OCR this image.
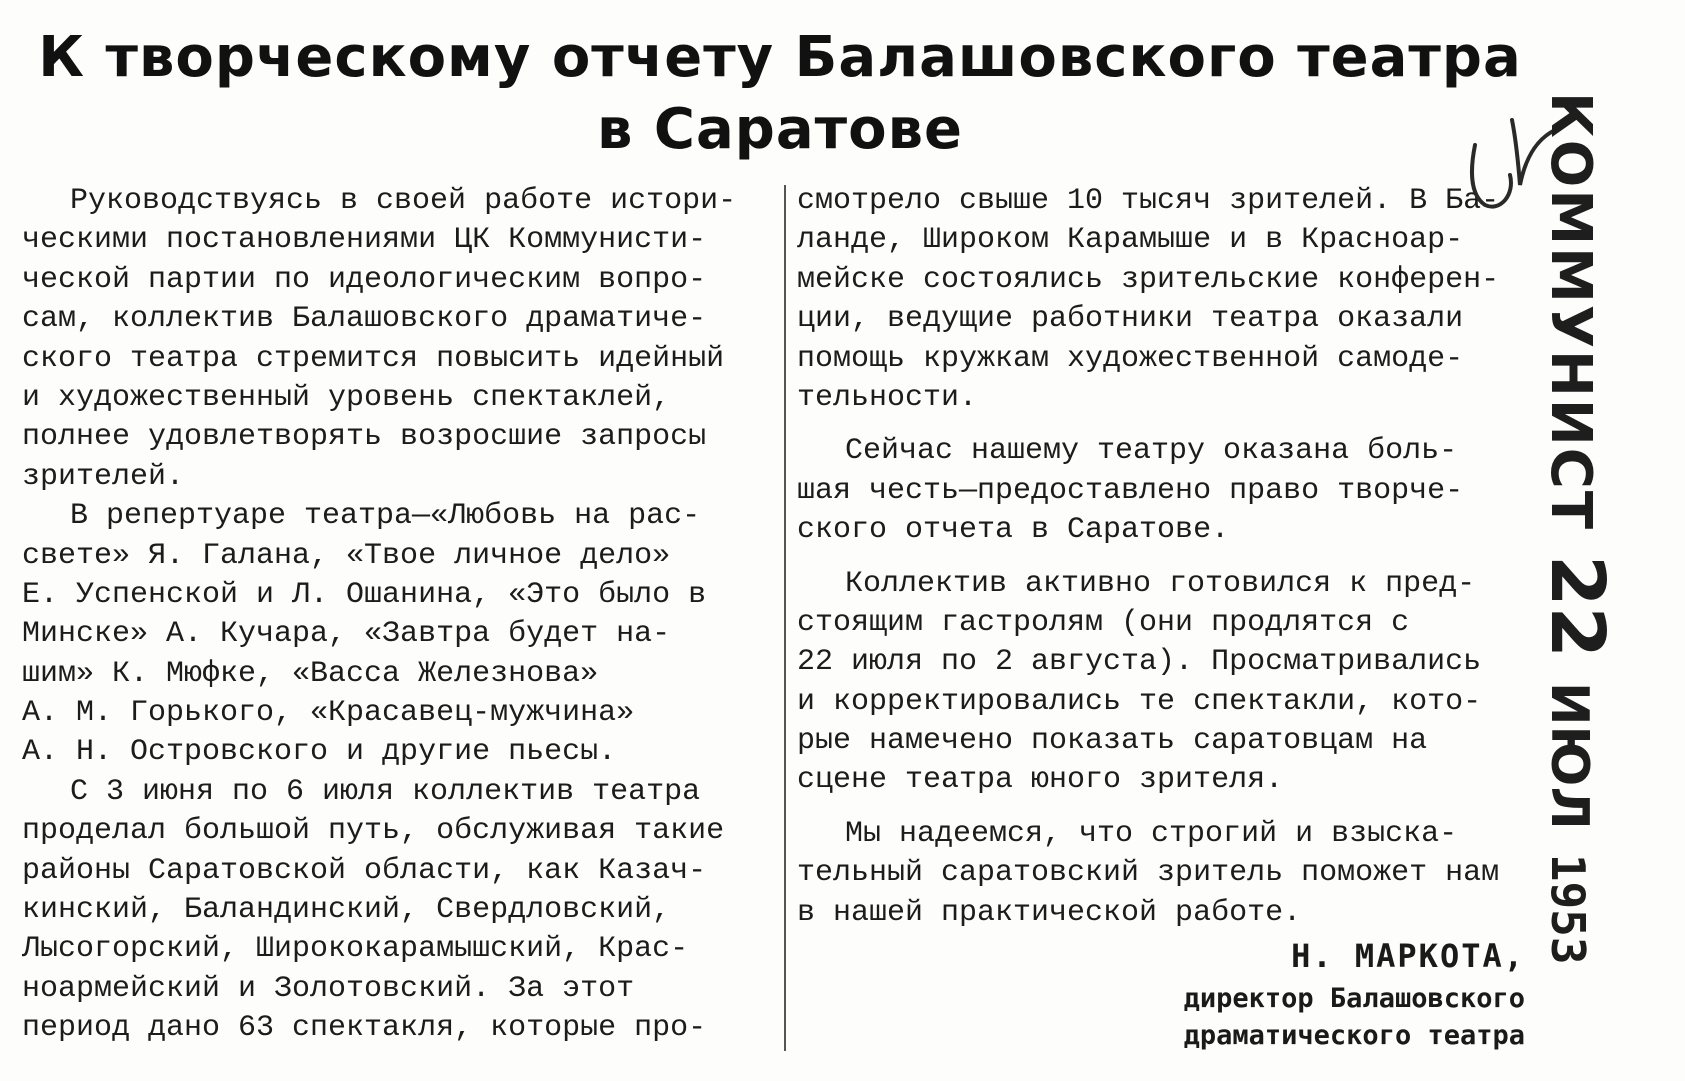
К творческому отчету Балашовского театра
в Саратове
Руководствуясь в своей работе истори-
ческими постановлениями ЦК Коммунисти-
ческой партии по идеологическим вопро-
сам, коллектив Балашовского драматиче-
ского театра стремится повысить идейный
и художественный уровень спектаклей,
полнее удовлетворять возросшие запросы
зрителей.
В репертуаре театра—«Любовь на рас-
свете» Я. Галана, «Твое личное дело»
Е. Успенской и Л. Ошанина, «Это было в
Минске» А. Кучара, «Завтра будет на-
шим» К. Мюфке, «Васса Железнова»
А. М. Горького, «Красавец-мужчина»
А. Н. Островского и другие пьесы.
С 3 июня по 6 июля коллектив театра
проделал большой путь, обслуживая такие
районы Саратовской области, как Казач-
кинский, Баландинский, Свердловский,
Лысогорский, Ширококарамышский, Крас-
ноармейский и Золотовский. За этот
период дано 63 спектакля, которые про-
смотрело свыше 10 тысяч зрителей. В Ба-
ланде, Широком Карамыше и в Красноар-
мейске состоялись зрительские конферен-
ции, ведущие работники театра оказали
помощь кружкам художественной самоде-
тельности.
Сейчас нашему театру оказана боль-
шая честь—предоставлено право творче-
ского отчета в Саратове.
Коллектив активно готовился к пред-
стоящим гастролям (они продлятся с
22 июля по 2 августа). Просматривались
и корректировались те спектакли, кото-
рые намечено показать саратовцам на
сцене театра юного зрителя.
Мы надеемся, что строгий и взыска-
тельный саратовский зритель поможет нам
в нашей практической работе.
Н. МАРКОТА,
директор Балашовского
драматического театра
КОММУНИСТ
22
ИЮЛ
1953
